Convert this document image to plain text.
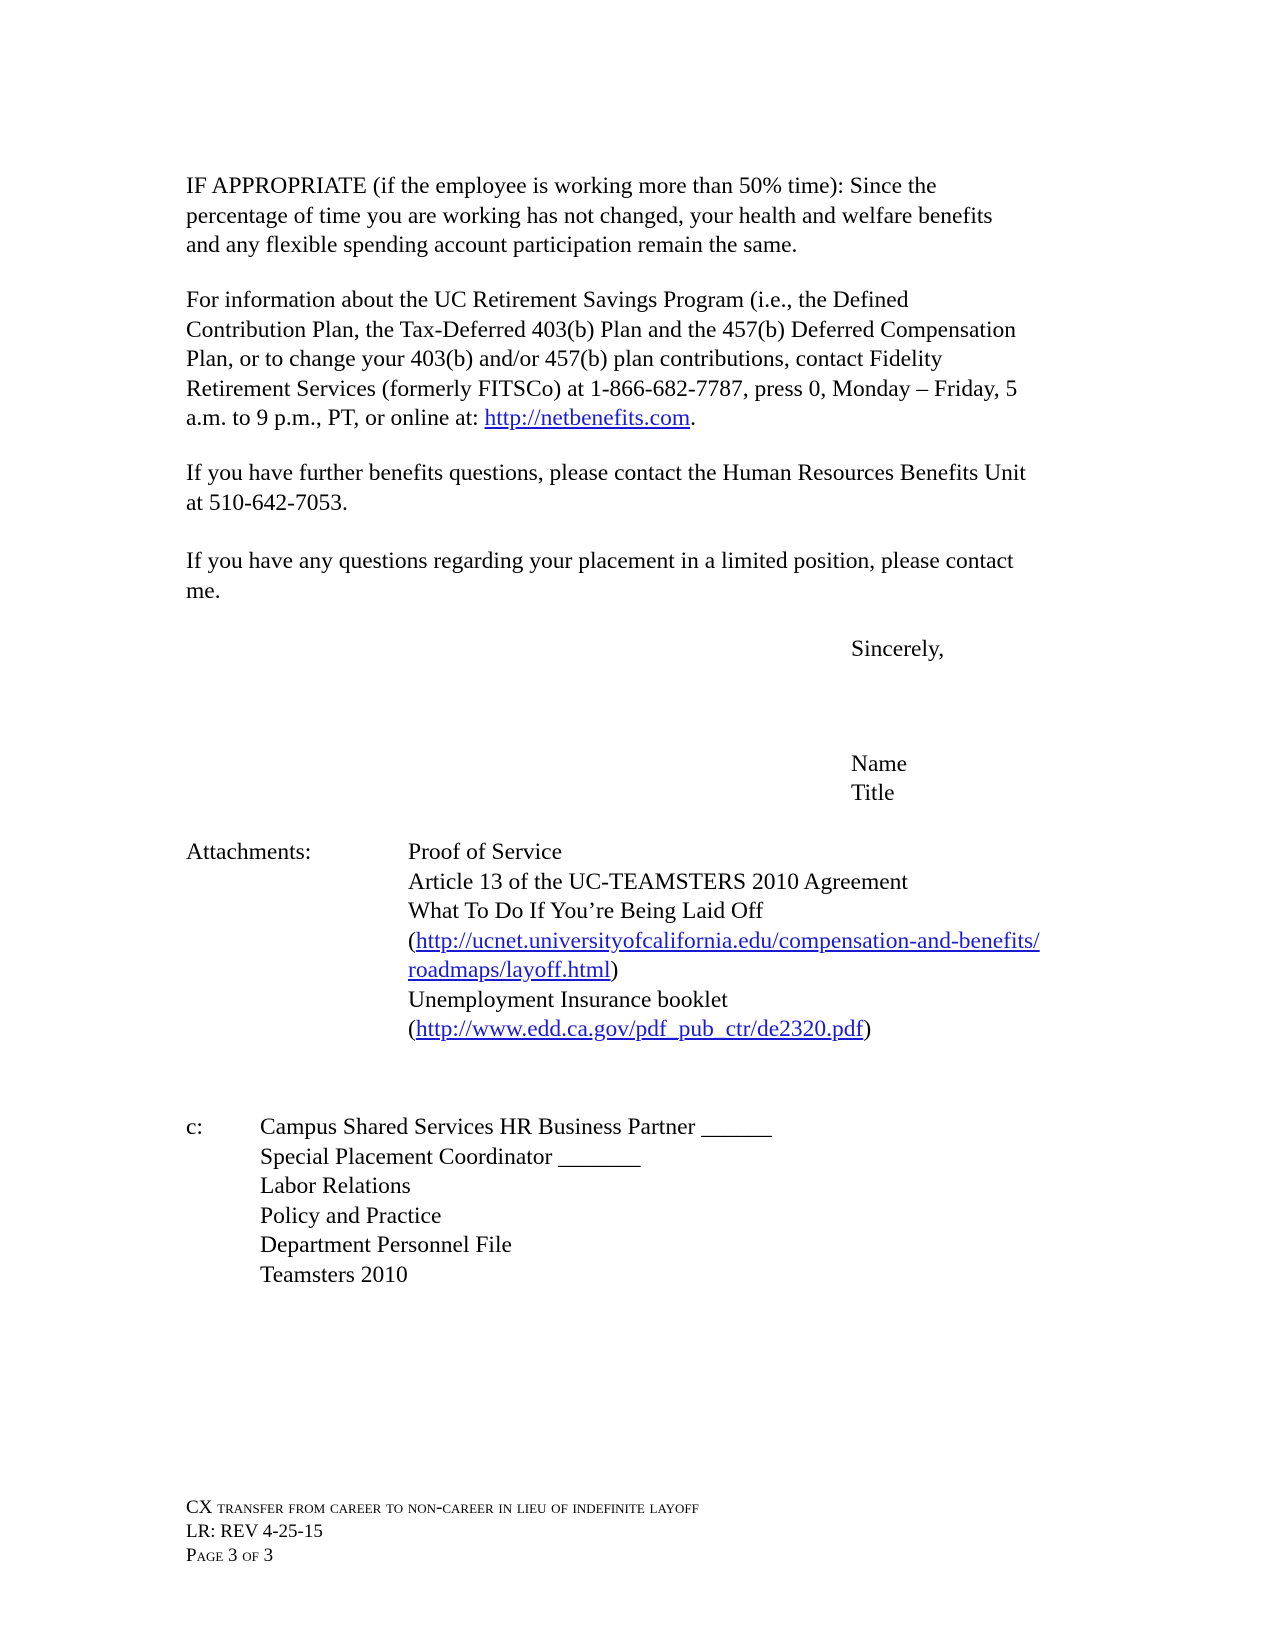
IF APPROPRIATE (if the employee is working more than 50% time): Since the
percentage of time you are working has not changed, your health and welfare benefits
and any flexible spending account participation remain the same.
For information about the UC Retirement Savings Program (i.e., the Defined
Contribution Plan, the Tax-Deferred 403(b) Plan and the 457(b) Deferred Compensation
Plan, or to change your 403(b) and/or 457(b) plan contributions, contact Fidelity
Retirement Services (formerly FITSCo) at 1-866-682-7787, press 0, Monday – Friday, 5
a.m. to 9 p.m., PT, or online at: http://netbenefits.com.
If you have further benefits questions, please contact the Human Resources Benefits Unit
at 510-642-7053.
If you have any questions regarding your placement in a limited position, please contact
me.
Sincerely,
Name
Title
Attachments:	Proof of Service
Article 13 of the UC-TEAMSTERS 2010 Agreement
What To Do If You’re Being Laid Off
(http://ucnet.universityofcalifornia.edu/compensation-and-benefits/
roadmaps/layoff.html)
Unemployment Insurance booklet
(http://www.edd.ca.gov/pdf_pub_ctr/de2320.pdf)
c: Campus Shared Services HR Business Partner ______
Special Placement Coordinator _______
Labor Relations
Policy and Practice
Department Personnel File
Teamsters 2010
CX transfer from career to non-career in lieu of indefinite layoff
LR: REV 4-25-15
Page 3 of 3
